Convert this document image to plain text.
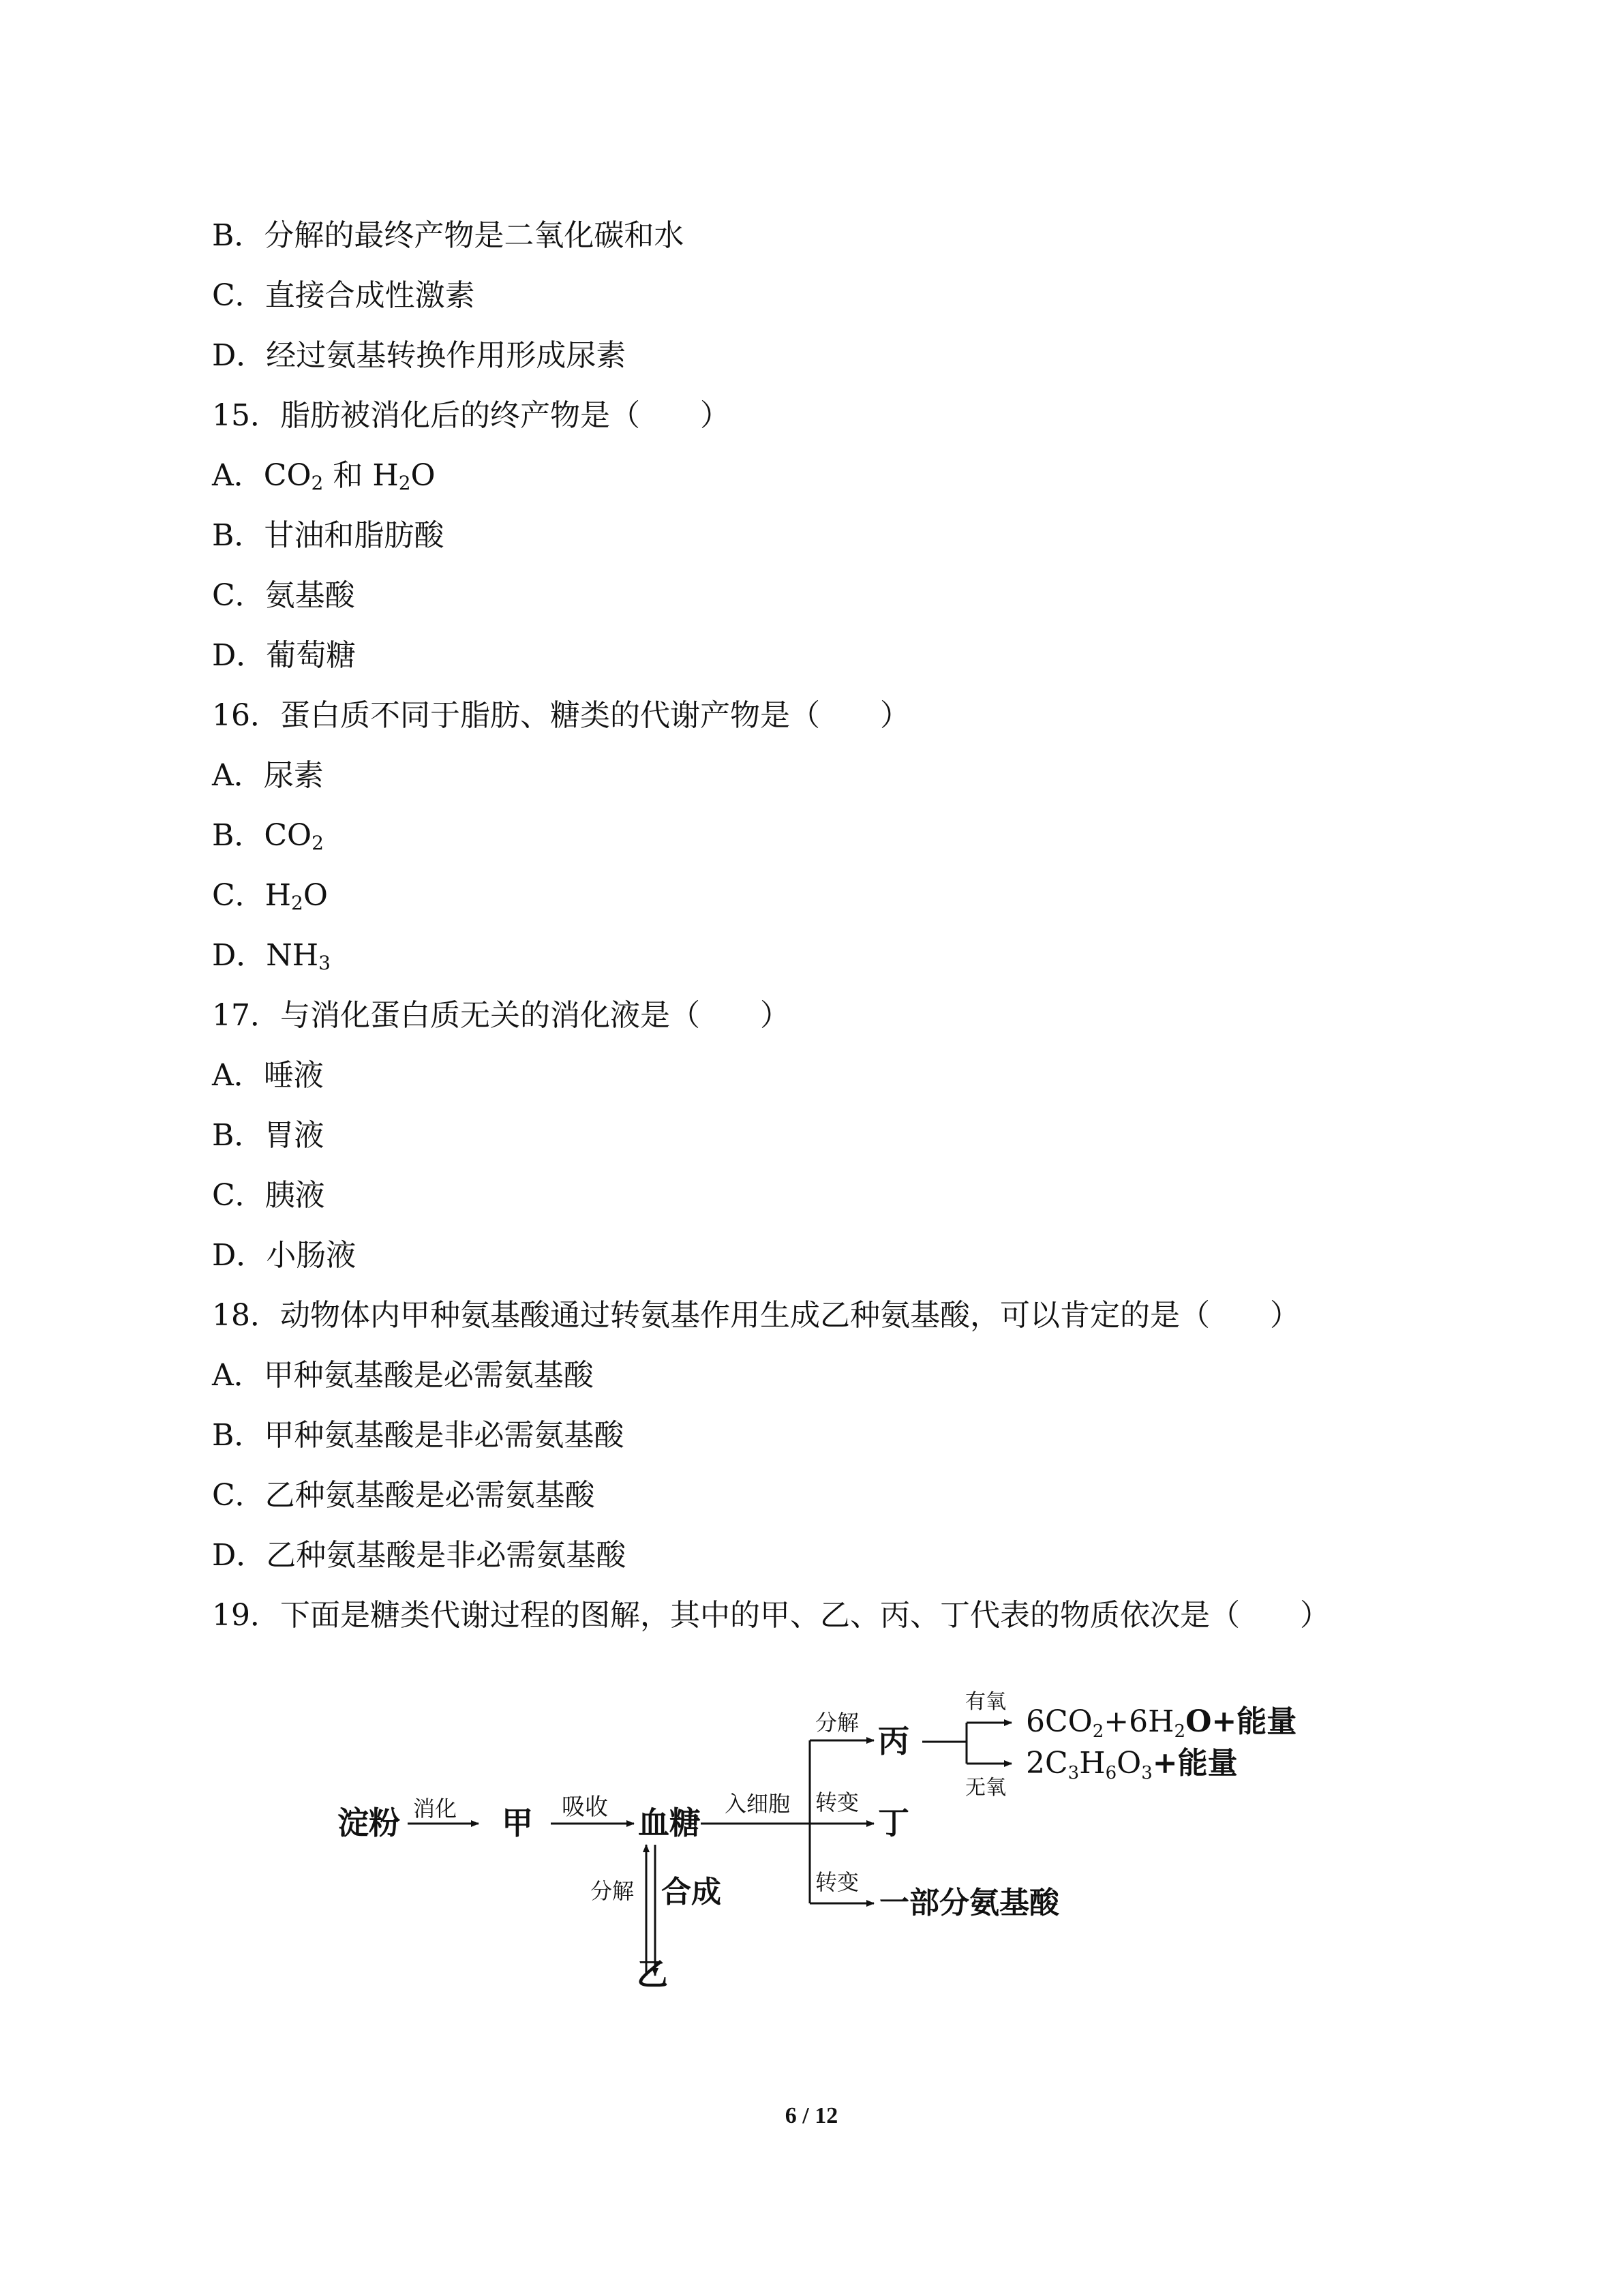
B．分解的最终产物是二氧化碳和水
C．直接合成性激素
D．经过氨基转换作用形成尿素
15．脂肪被消化后的终产物是（　　）
A．$CO_2$ 和 $H_2O$
B．甘油和脂肪酸
C．氨基酸
D．葡萄糖
16．蛋白质不同于脂肪、糖类的代谢产物是（　　）
A．尿素
B．$CO_2$
C．$H_2O$
D．$NH_3$
17．与消化蛋白质无关的消化液是（　　）
A．唾液
B．胃液
C．胰液
D．小肠液
18．动物体内甲种氨基酸通过转氨基作用生成乙种氨基酸，可以肯定的是（　　）
A．甲种氨基酸是必需氨基酸
B．甲种氨基酸是非必需氨基酸
C．乙种氨基酸是必需氨基酸
D．乙种氨基酸是非必需氨基酸
19．下面是糖类代谢过程的图解，其中的甲、乙、丙、丁代表的物质依次是（　　）
淀粉 消化 甲 吸收 血糖
入细胞
分解 丙
有氧
无氧
6CO2+6H2O+能量
2C3H6O3+能量
转变
丁
转变
一部分氨基酸
分解 合成
乙
6 / 12
